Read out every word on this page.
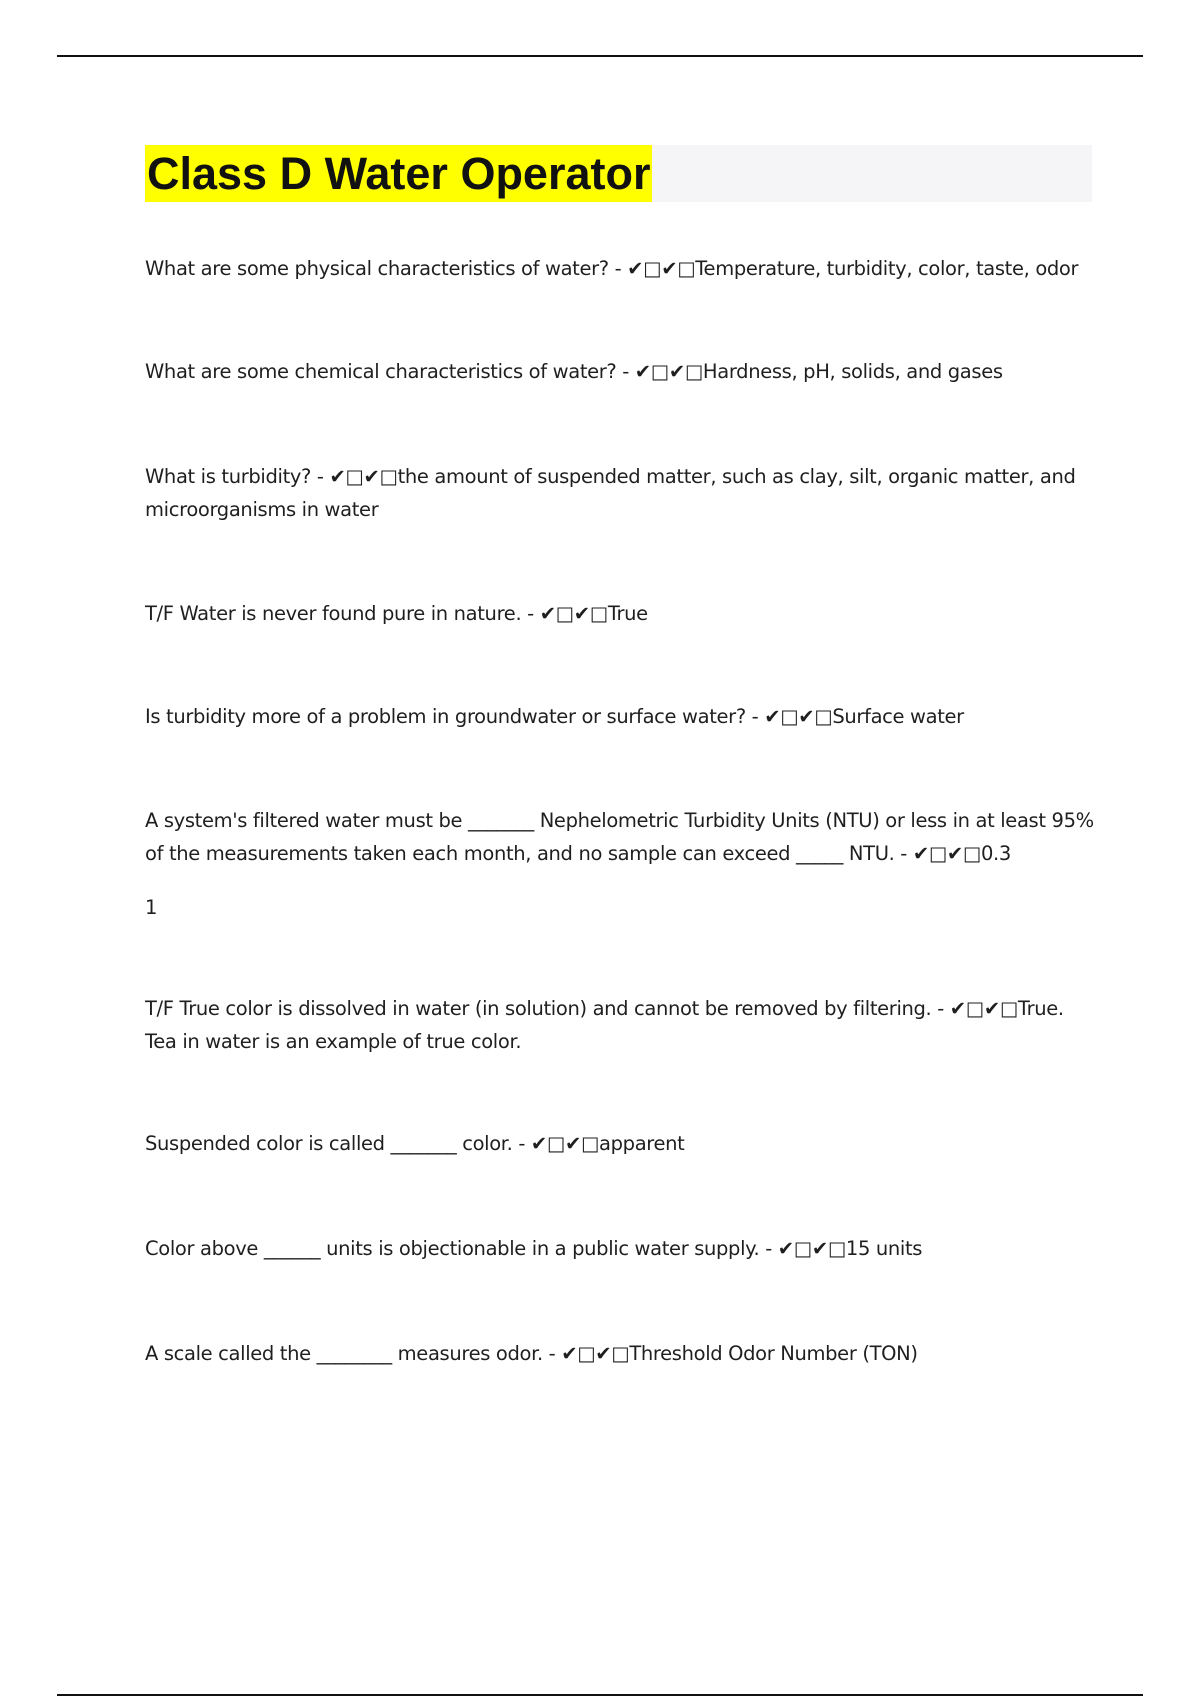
Class D Water Operator
What are some physical characteristics of water? - ✔□✔□Temperature, turbidity, color, taste, odor
What are some chemical characteristics of water? - ✔□✔□Hardness, pH, solids, and gases
What is turbidity? - ✔□✔□the amount of suspended matter, such as clay, silt, organic matter, and microorganisms in water
T/F Water is never found pure in nature. - ✔□✔□True
Is turbidity more of a problem in groundwater or surface water? - ✔□✔□Surface water
A system's filtered water must be _______ Nephelometric Turbidity Units (NTU) or less in at least 95% of the measurements taken each month, and no sample can exceed _____ NTU. - ✔□✔□0.3
1
T/F True color is dissolved in water (in solution) and cannot be removed by filtering. - ✔□✔□True. Tea in water is an example of true color.
Suspended color is called _______ color. - ✔□✔□apparent
Color above ______ units is objectionable in a public water supply. - ✔□✔□15 units
A scale called the ________ measures odor. - ✔□✔□Threshold Odor Number (TON)
